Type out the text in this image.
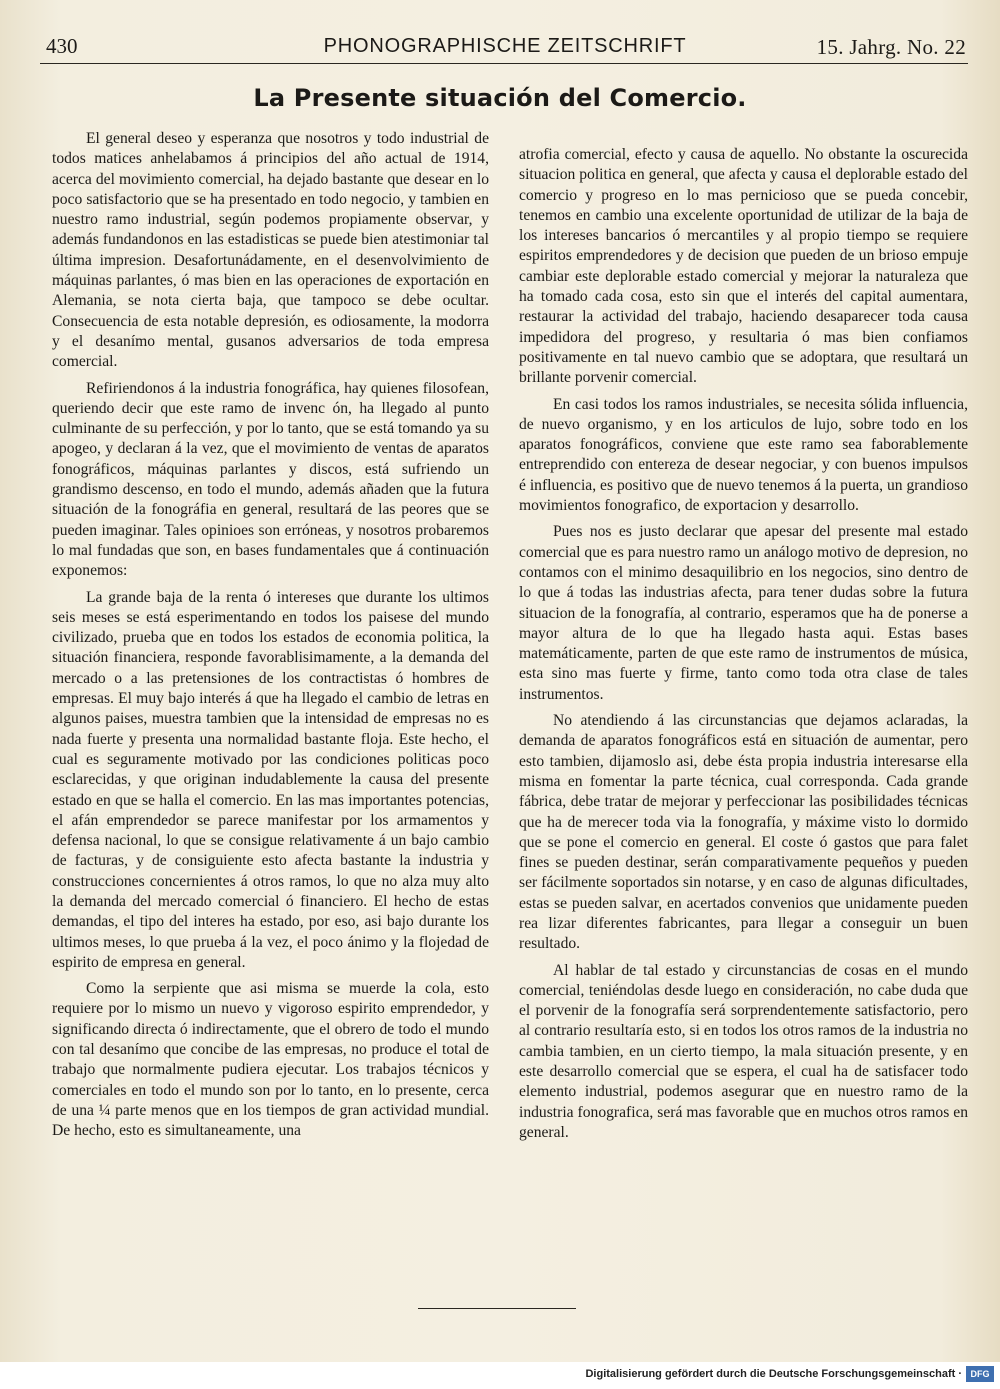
430	PHONOGRAPHISCHE ZEITSCHRIFT	15. Jahrg. No. 22
La Presente situación del Comercio.

El general deseo y esperanza que nosotros y todo industrial de todos matices anhelabamos á principios del año actual de 1914, acerca del movimiento comercial, ha dejado bastante que desear en lo poco satisfactorio que se ha presentado en todo negocio, y tambien en nuestro ramo industrial, según podemos propiamente observar, y además fundandonos en las estadisticas se puede bien atestimoniar tal última impresion. Desafortunádamente, en el desenvolvimiento de máquinas parlantes, ó mas bien en las operaciones de exportación en Alemania, se nota cierta baja, que tampoco se debe ocultar. Consecuencia de esta notable depresión, es odiosamente, la modorra y el desanímo mental, gusanos adversarios de toda empresa comercial.

Refiriendonos á la industria fonográfica, hay quienes filosofean, queriendo decir que este ramo de invenc ón, ha llegado al punto culminante de su perfección, y por lo tanto, que se está tomando ya su apogeo, y declaran á la vez, que el movimiento de ventas de aparatos fonográficos, máquinas parlantes y discos, está sufriendo un grandismo descenso, en todo el mundo, además añaden que la futura situación de la fonográfia en general, resultará de las peores que se pueden imaginar. Tales opinioes son erróneas, y nosotros probaremos lo mal fundadas que son, en bases fundamentales que á continuación exponemos:

La grande baja de la renta ó intereses que durante los ultimos seis meses se está esperimentando en todos los paisese del mundo civilizado, prueba que en todos los estados de economia politica, la situación financiera, responde favorablisimamente, a la demanda del mercado o a las pretensiones de los contractistas ó hombres de empresas. El muy bajo interés á que ha llegado el cambio de letras en algunos paises, muestra tambien que la intensidad de empresas no es nada fuerte y presenta una normalidad bastante floja. Este hecho, el cual es seguramente motivado por las condiciones politicas poco esclarecidas, y que originan indudablemente la causa del presente estado en que se halla el comercio. En las mas importantes potencias, el afán emprendedor se parece manifestar por los armamentos y defensa nacional, lo que se consigue relativamente á un bajo cambio de facturas, y de consiguiente esto afecta bastante la industria y construcciones concernientes á otros ramos, lo que no alza muy alto la demanda del mercado comercial ó financiero. El hecho de estas demandas, el tipo del interes ha estado, por eso, asi bajo durante los ultimos meses, lo que prueba á la vez, el poco ánimo y la flojedad de espirito de empresa en general.

Como la serpiente que asi misma se muerde la cola, esto requiere por lo mismo un nuevo y vigoroso espirito emprendedor, y significando directa ó indirectamente, que el obrero de todo el mundo con tal desanímo que concibe de las empresas, no produce el total de trabajo que normalmente pudiera ejecutar. Los trabajos técnicos y comerciales en todo el mundo son por lo tanto, en lo presente, cerca de una ¼ parte menos que en los tiempos de gran actividad mundial. De hecho, esto es simultaneamente, una

atrofia comercial, efecto y causa de aquello. No obstante la oscurecida situacion politica en general, que afecta y causa el deplorable estado del comercio y progreso en lo mas pernicioso que se pueda concebir, tenemos en cambio una excelente oportunidad de utilizar de la baja de los intereses bancarios ó mercantiles y al propio tiempo se requiere espiritos emprendedores y de decision que pueden de un brioso empuje cambiar este deplorable estado comercial y mejorar la naturaleza que ha tomado cada cosa, esto sin que el interés del capital aumentara, restaurar la actividad del trabajo, haciendo desaparecer toda causa impedidora del progreso, y resultaria ó mas bien confiamos positivamente en tal nuevo cambio que se adoptara, que resultará un brillante porvenir comercial.

En casi todos los ramos industriales, se necesita sólida influencia, de nuevo organismo, y en los articulos de lujo, sobre todo en los aparatos fonográficos, conviene que este ramo sea faborablemente entreprendido con entereza de desear negociar, y con buenos impulsos é influencia, es positivo que de nuevo tenemos á la puerta, un grandioso movimientos fonografico, de exportacion y desarrollo.

Pues nos es justo declarar que apesar del presente mal estado comercial que es para nuestro ramo un análogo motivo de depresion, no contamos con el minimo desaquilibrio en los negocios, sino dentro de lo que á todas las industrias afecta, para tener dudas sobre la futura situacion de la fonografía, al contrario, esperamos que ha de ponerse a mayor altura de lo que ha llegado hasta aqui. Estas bases matemáticamente, parten de que este ramo de instrumentos de música, esta sino mas fuerte y firme, tanto como toda otra clase de tales instrumentos.

No atendiendo á las circunstancias que dejamos aclaradas, la demanda de aparatos fonográficos está en situación de aumentar, pero esto tambien, dijamoslo asi, debe ésta propia industria interesarse ella misma en fomentar la parte técnica, cual corresponda. Cada grande fábrica, debe tratar de mejorar y perfeccionar las posibilidades técnicas que ha de merecer toda via la fonografía, y máxime visto lo dormido que se pone el comercio en general. El coste ó gastos que para falet fines se pueden destinar, serán comparativamente pequeños y pueden ser fácilmente soportados sin notarse, y en caso de algunas dificultades, estas se pueden salvar, en acertados convenios que unidamente pueden rea lizar diferentes fabricantes, para llegar a conseguir un buen resultado.

Al hablar de tal estado y circunstancias de cosas en el mundo comercial, teniéndolas desde luego en consideración, no cabe duda que el porvenir de la fonografía será sorprendentemente satisfactorio, pero al contrario resultaría esto, si en todos los otros ramos de la industria no cambia tambien, en un cierto tiempo, la mala situación presente, y en este desarrollo comercial que se espera, el cual ha de satisfacer todo elemento industrial, podemos asegurar que en nuestro ramo de la industria fonografica, será mas favorable que en muchos otros ramos en general.

Digitalisierung gefördert durch die Deutsche Forschungsgemeinschaft · DFG
